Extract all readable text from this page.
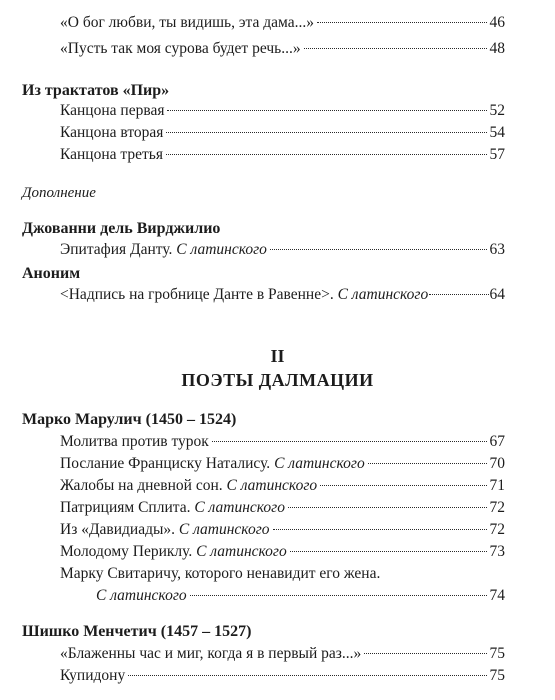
«О бог любви, ты видишь, эта дама...»	46
«Пусть так моя сурова будет речь...»	48
Из трактатов «Пир»
Канцона первая	52
Канцона вторая	54
Канцона третья	57
Дополнение
Джованни дель Вирджилио
Эпитафия Данту. С латинского	63
Аноним
<Надпись на гробнице Данте в Равенне>. С латинского	64
II
ПОЭТЫ ДАЛМАЦИИ
Марко Марулич (1450 – 1524)
Молитва против турок	67
Послание Франциску Наталису. С латинского	70
Жалобы на дневной сон. С латинского	71
Патрициям Сплита. С латинского	72
Из «Давидиады». С латинского	72
Молодому Периклу. С латинского	73
Марку Свитаричу, которого ненавидит его жена.
С латинского	74
Шишко Менчетич (1457 – 1527)
«Блаженны час и миг, когда я в первый раз...»	75
Купидону	75
